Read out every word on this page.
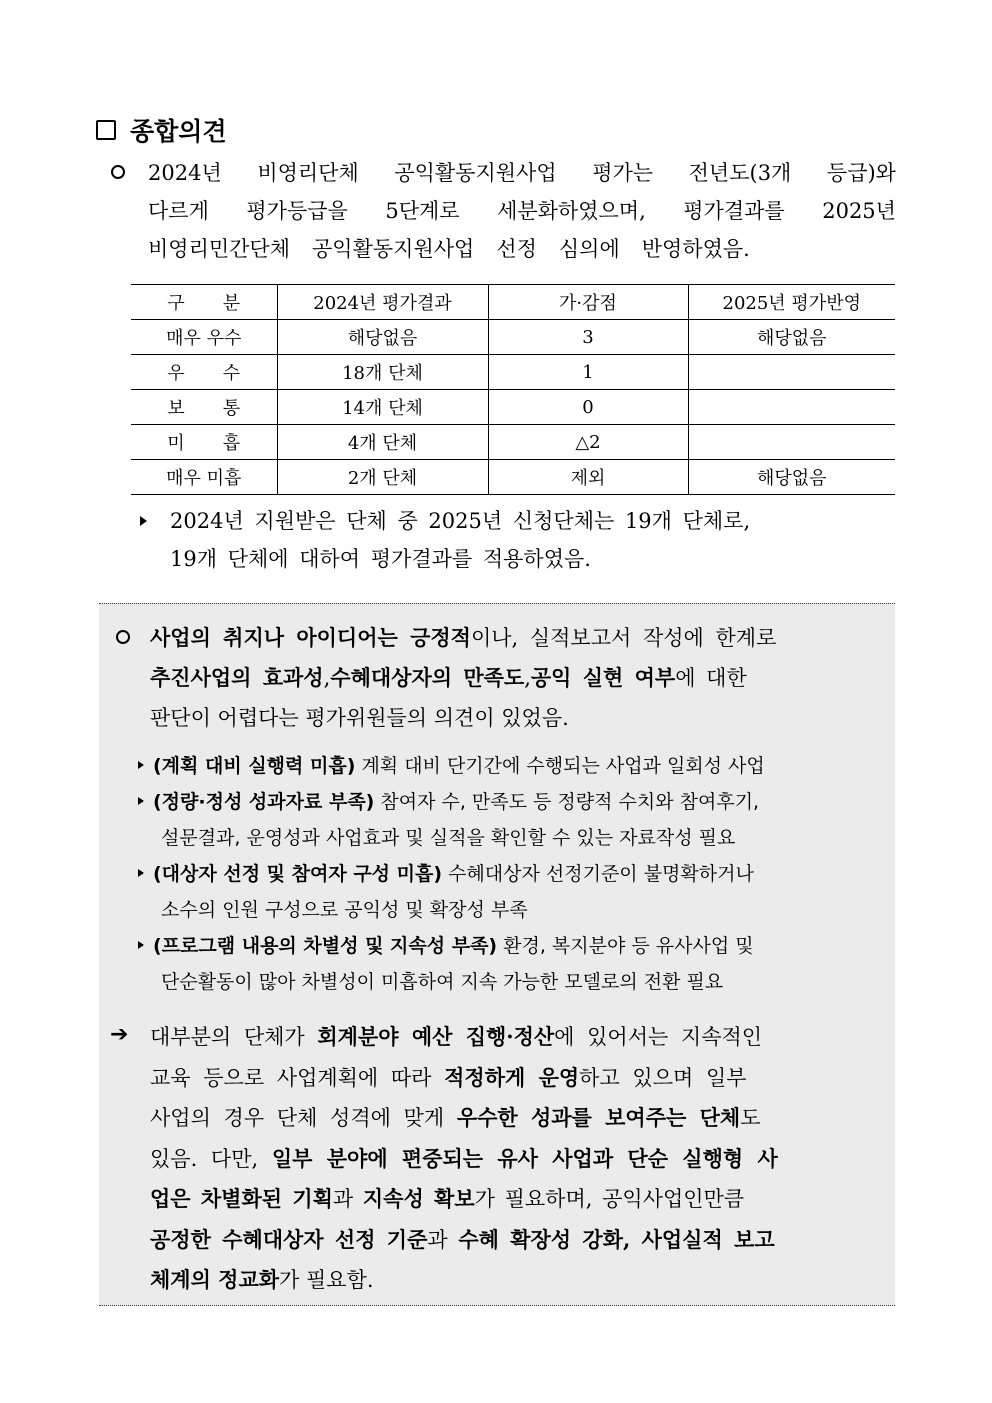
종합의견
2024년 비영리단체 공익활동지원사업 평가는 전년도(3개 등급)와
다르게 평가등급을 5단계로 세분화하였으며, 평가결과를 2025년
비영리민간단체 공익활동지원사업 선정 심의에 반영하였음.
구 분	2024년 평가결과	가·감점	2025년 평가반영
매우 우수	해당없음	3	해당없음
우 수	18개 단체	1	
보 통	14개 단체	0	
미 흡	4개 단체	△2	
매우 미흡	2개 단체	제외	해당없음
2024년 지원받은 단체 중 2025년 신청단체는 19개 단체로,
19개 단체에 대하여 평가결과를 적용하였음.
사업의 취지나 아이디어는 긍정적 이나, 실적보고서 작성에 한계로
추진사업의 효과성 , 수혜대상자의 만족도 , 공익 실현 여부 에 대한
판단이 어렵다는 평가위원들의 의견이 있었음.
(계획 대비 실행력 미흡) 계획 대비 단기간에 수행되는 사업과 일회성 사업
(정량·정성 성과자료 부족) 참여자 수, 만족도 등 정량적 수치와 참여후기,
설문결과, 운영성과 사업효과 및 실적을 확인할 수 있는 자료작성 필요
(대상자 선정 및 참여자 구성 미흡) 수혜대상자 선정기준이 불명확하거나
소수의 인원 구성으로 공익성 및 확장성 부족
(프로그램 내용의 차별성 및 지속성 부족) 환경, 복지분야 등 유사사업 및
단순활동이 많아 차별성이 미흡하여 지속 가능한 모델로의 전환 필요
➔ 대부분의 단체가 회계분야 예산 집행·정산에 있어서는 지속적인
교육 등으로 사업계획에 따라 적정하게 운영하고 있으며 일부
사업의 경우 단체 성격에 맞게 우수한 성과를 보여주는 단체도
있음. 다만, 일부 분야에 편중되는 유사 사업과 단순 실행형 사
업은 차별화된 기획과 지속성 확보가 필요하며, 공익사업인만큼
공정한 수혜대상자 선정 기준과 수혜 확장성 강화, 사업실적 보고
체계의 정교화가 필요함.
